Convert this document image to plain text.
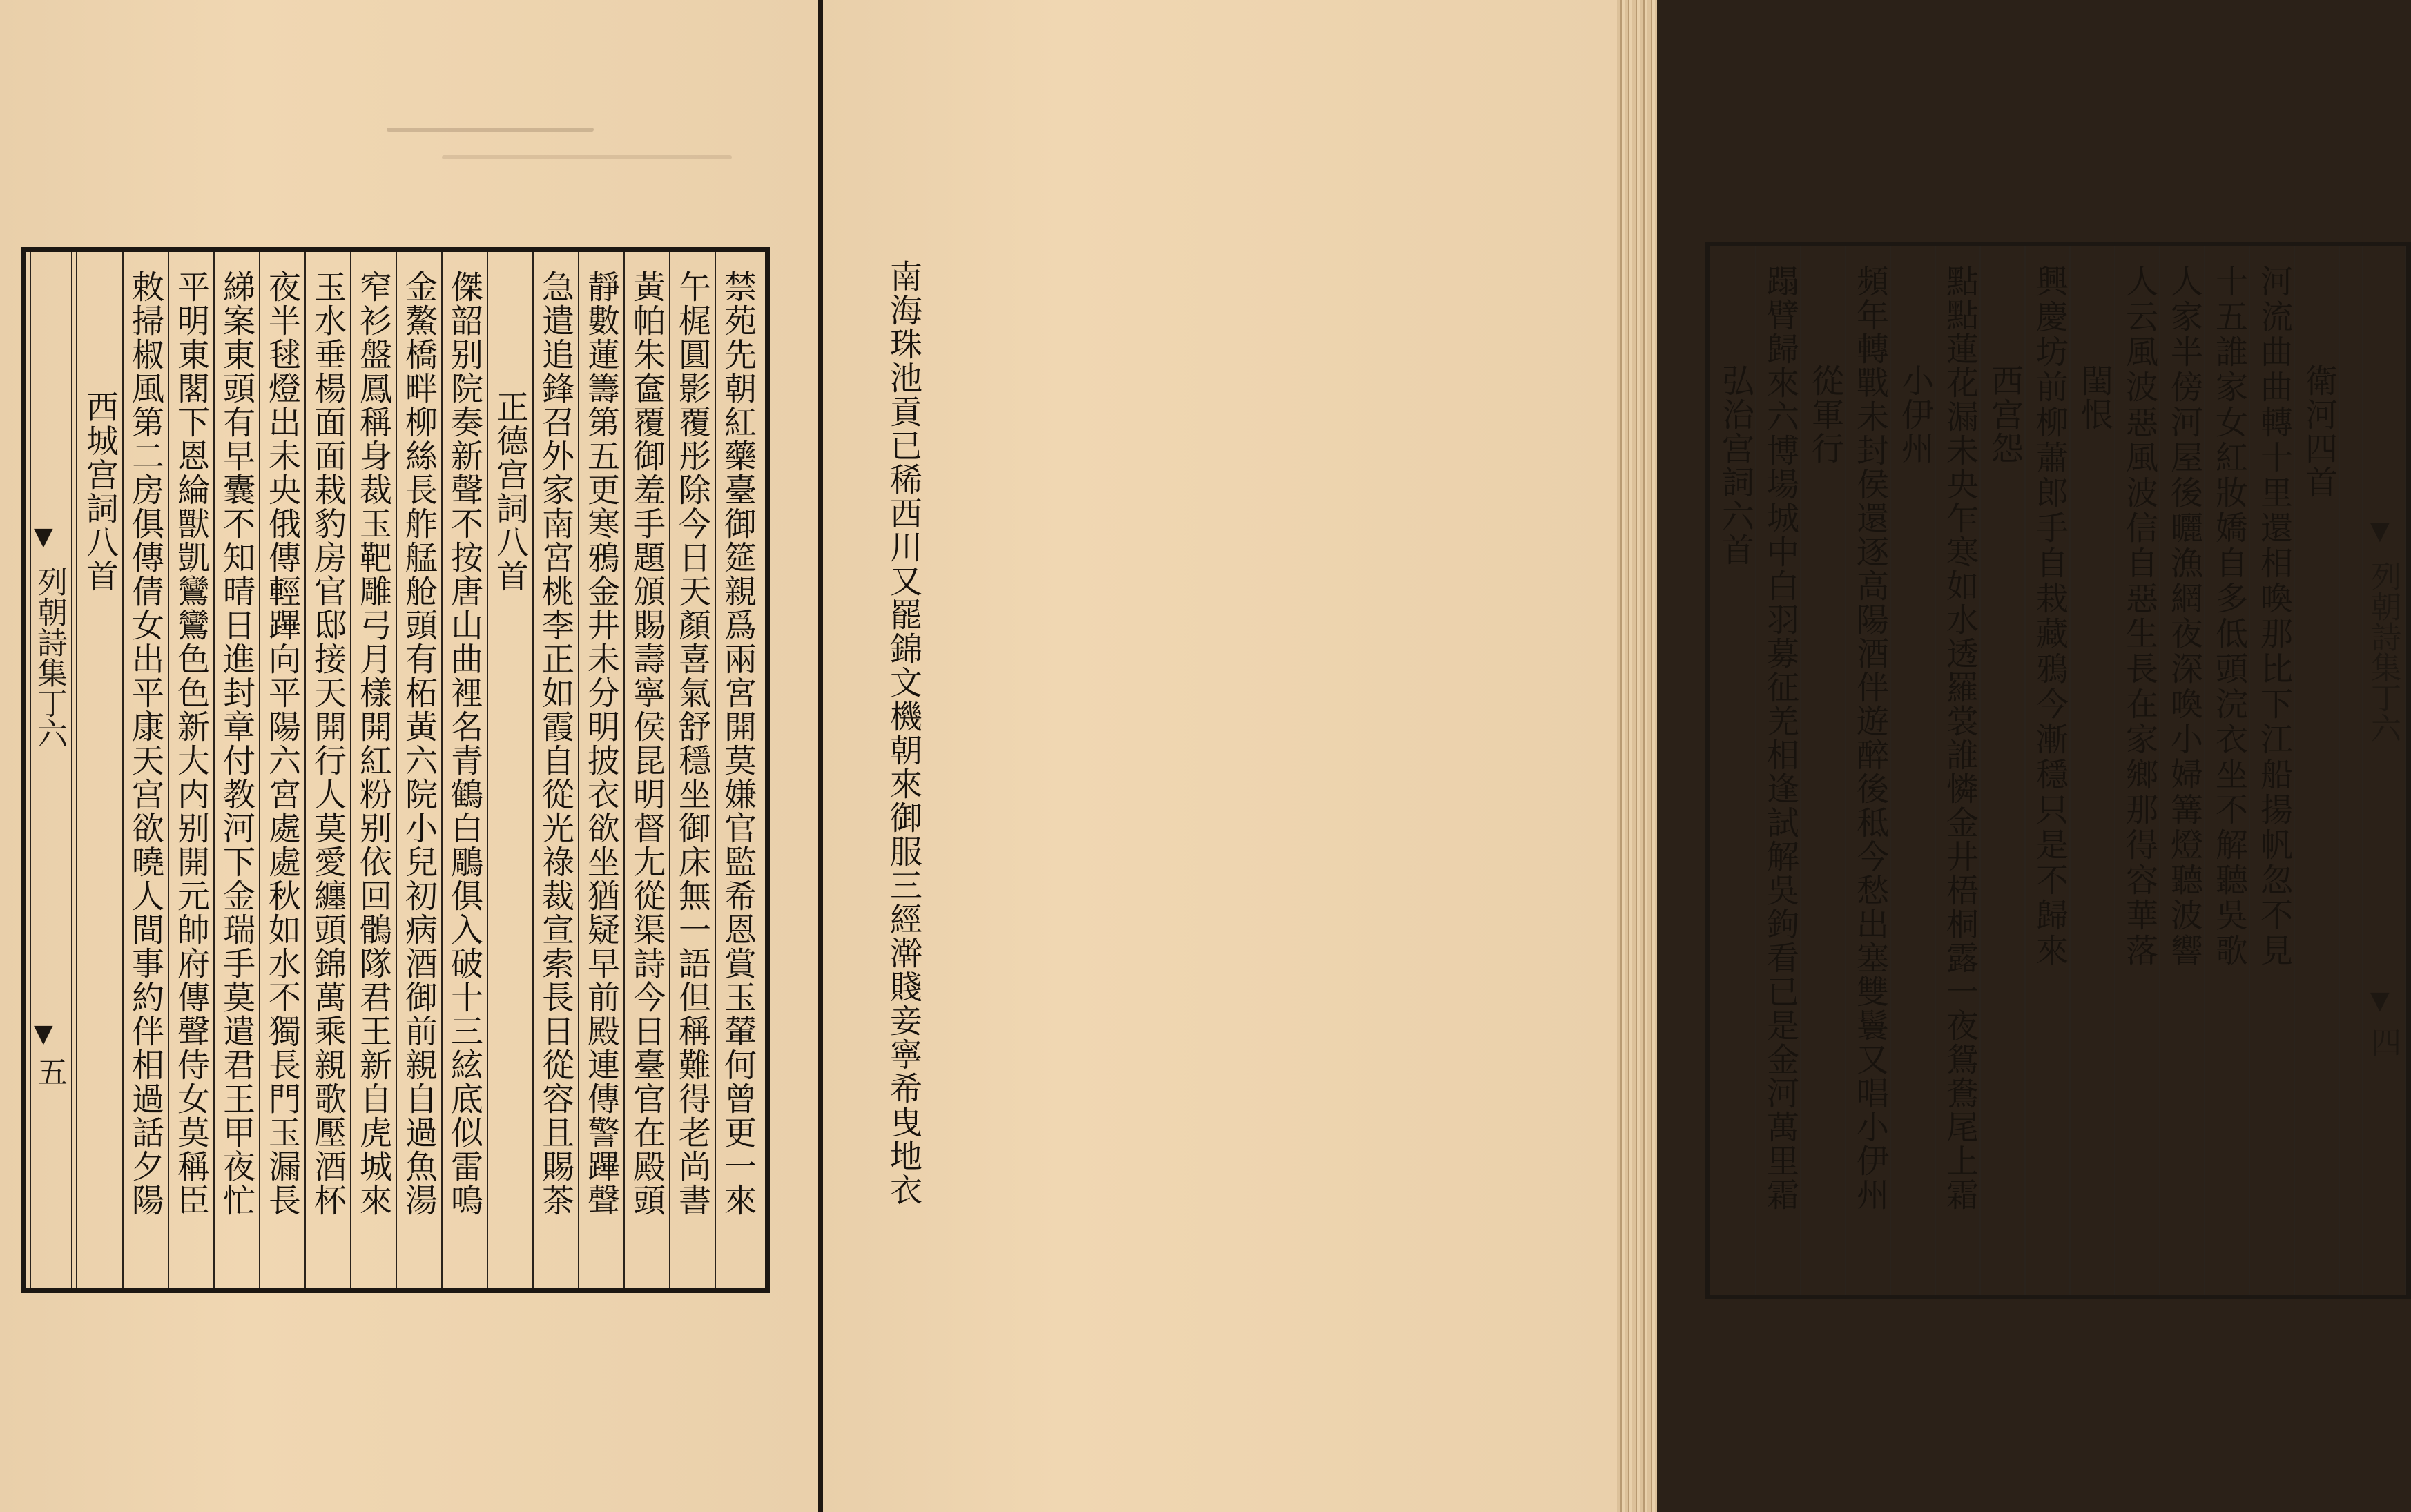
▼
列朝詩集丁六
▼
五	禁苑先朝紅藥臺御筵親爲兩宮開莫嫌官監希恩賞玉輦何曾更一來
午梶圓影覆彤除今日天顏喜氣舒穩坐御床無一語但稱難得老尚書
黃帕朱奩覆御羞手題頒賜壽寧侯昆明督尢從渠詩今日臺官在殿頭
靜數蓮籌第五更寒鴉金井未分明披衣欲坐猶疑早前殿連傳警蹕聲
急遣追鋒召外家南宮桃李正如霞自從光祿裁宣索長日從容且賜茶
正德宫詞八首
傑韶别院奏新聲不按唐山曲裡名青鶴白鵰俱入破十三絃底似雷鳴
金鰲橋畔柳絲長舴艋舱頭有柘黃六院小兒初病酒御前親自過魚湯
窄衫盤鳳稱身裁玉靶雕弓月樣開紅粉别依回鶻隊君王新自虎城來
玉水垂楊面面栽豹房官邸接天開行人莫愛纏頭錦萬乘親歌壓酒杯
夜半毬燈出未央俄傳輕蹕向平陽六宮處處秋如水不獨長門玉漏長
綈案東頭有早囊不知晴日進封章付教河下金瑞手莫遣君王甲夜忙
平明東閣下恩綸獸凱鸞鸞色色新大内别開元帥府傳聲侍女莫稱臣
敕掃椒風第二房俱傳倩女出平康天宫欲曉人間事約伴相過話夕陽
西城宫詞八首	▼
列朝詩集丁六
▼
四
衛河四首
河流曲曲轉十里還相喚那比下江船揚帆忽不見
十五誰家女紅妝嬌自多低頭浣衣坐不解聽吳歌
人家半傍河屋後曬漁網夜深喚小婦篝燈聽波響
人云風波惡風波信自惡生長在家鄉那得容華落
閨恨
興慶坊前柳蕭郎手自栽藏鴉今漸穩只是不歸來
西宫怨
點點蓮花漏未央乍寒如水透羅裳誰憐金井梧桐露一夜鴛鴦尾上霜
小伊州
頻年轉戰未封侯還逐高陽酒伴遊醉後秪今愁出塞雙鬟又唱小伊州
從軍行
蹋臂歸來六博場城中白羽募征羌相逢試解吳鉤看已是金河萬里霜
弘治宫詞六首
南海珠池貢已稀西川又罷錦文機朝來御服三經澣賤妾寧希曳地衣
